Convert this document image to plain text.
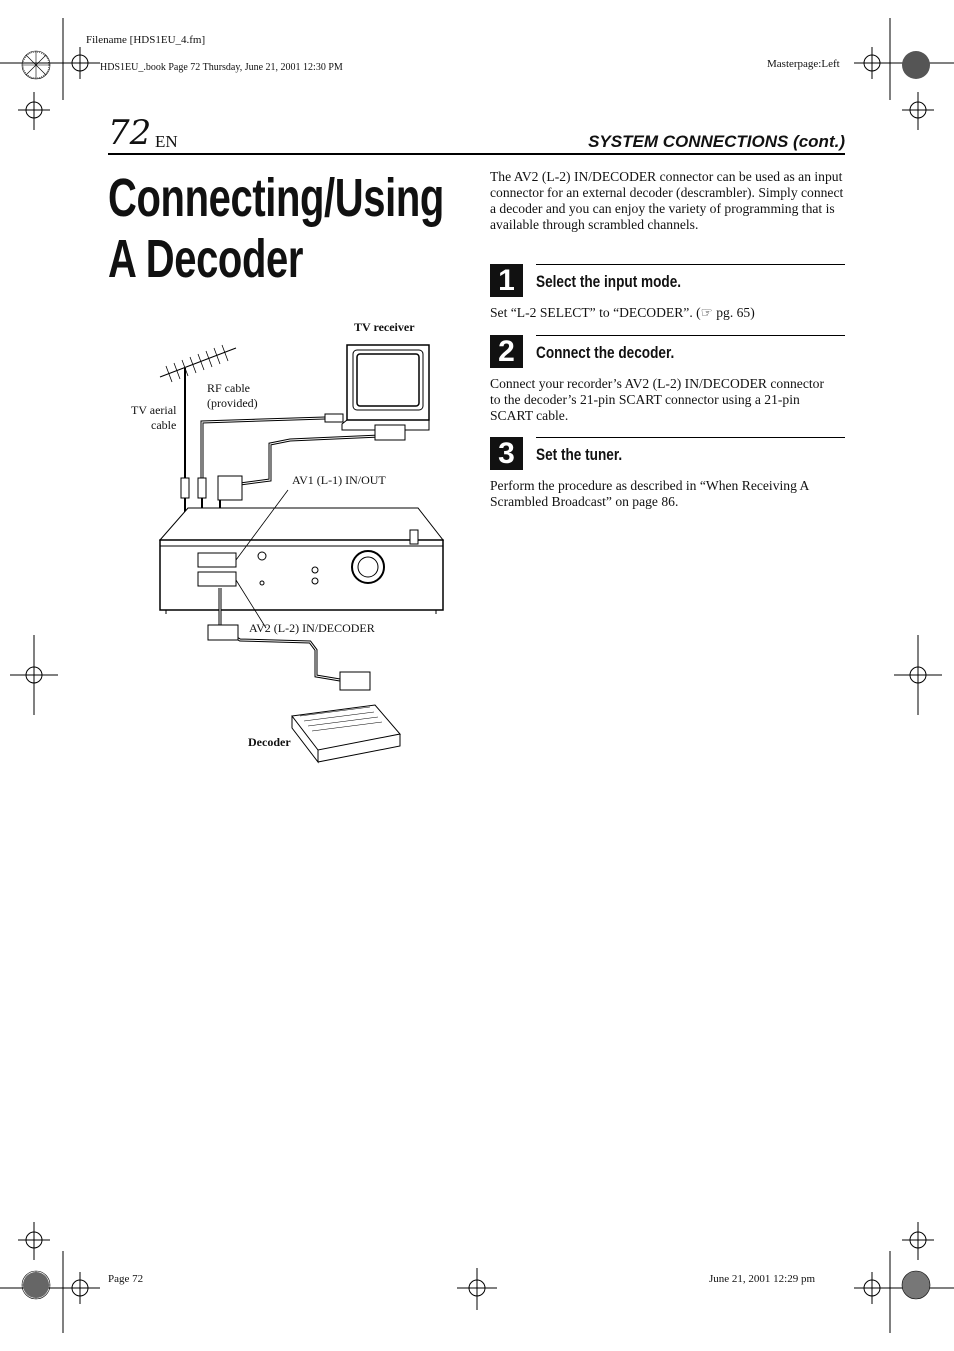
Filename [HDS1EU_4.fm]
HDS1EU_.book Page 72 Thursday, June 21, 2001 12:30 PM	Masterpage:Left
Page 72	June 21, 2001 12:29 pm
72 EN	SYSTEM CONNECTIONS (cont.)
Connecting/Using
A Decoder
The AV2 (L-2) IN/DECODER connector can be used as an input connector for an external decoder (descrambler). Simply connect a decoder and you can enjoy the variety of programming that is available through scrambled channels.
1	Select the input mode.
Set “L-2 SELECT” to “DECODER”. (☞ pg. 65)
2	Connect the decoder.
Connect your recorder’s AV2 (L-2) IN/DECODER connector to the decoder’s 21-pin SCART connector using a 21-pin SCART cable.
3	Set the tuner.
Perform the procedure as described in “When Receiving A Scrambled Broadcast” on page 86.
TV receiver
RF cable
(provided)
TV aerial
cable
AV1 (L-1) IN/OUT
AV2 (L-2) IN/DECODER
Decoder
